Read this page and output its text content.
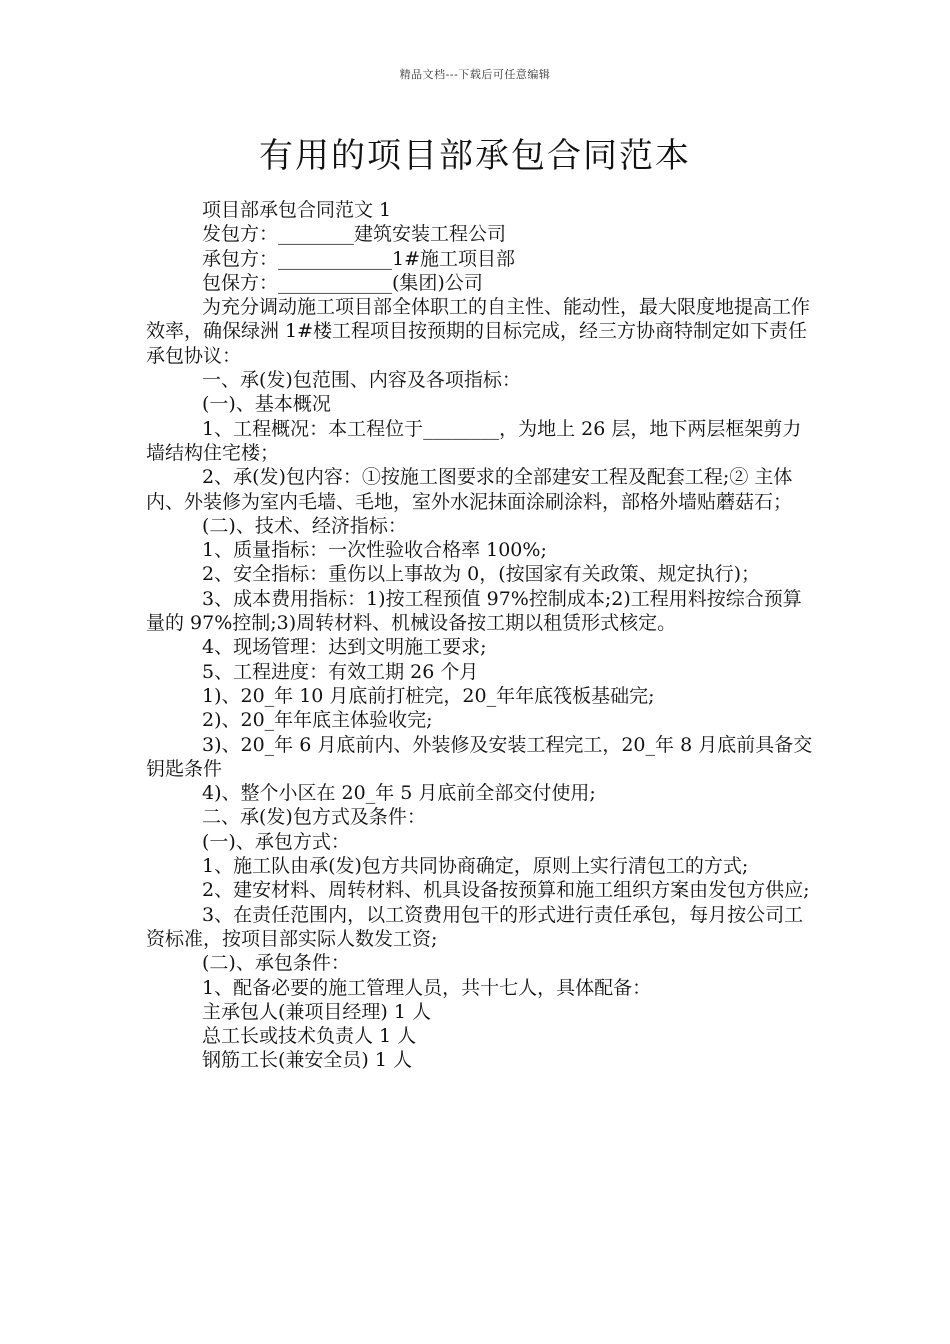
精品文档---下载后可任意编辑
有用的项目部承包合同范本

项目部承包合同范文 1

发包方：________建筑安装工程公司

承包方：____________1#施工项目部

包保方：____________(集团)公司

为充分调动施工项目部全体职工的自主性、能动性，最大限度地提高工作效率，确保绿洲 1#楼工程项目按预期的目标完成，经三方协商特制定如下责任承包协议：

一、承(发)包范围、内容及各项指标：

(一)、基本概况

1、工程概况：本工程位于________，为地上 26 层，地下两层框架剪力墙结构住宅楼；

2、承(发)包内容：①按施工图要求的全部建安工程及配套工程;② 主体内、外装修为室内毛墙、毛地，室外水泥抹面涂刷涂料，部格外墙贴蘑菇石；

(二)、技术、经济指标：

1、质量指标：一次性验收合格率 100%;

2、安全指标：重伤以上事故为 0，(按国家有关政策、规定执行)；

3、成本费用指标：1)按工程预值 97%控制成本;2)工程用料按综合预算量的 97%控制;3)周转材料、机械设备按工期以租赁形式核定。

4、现场管理：达到文明施工要求;

5、工程进度：有效工期 26 个月

1)、20_年 10 月底前打桩完，20_年年底筏板基础完;

2)、20_年年底主体验收完;

3)、20_年 6 月底前内、外装修及安装工程完工，20_年 8 月底前具备交钥匙条件

4)、整个小区在 20_年 5 月底前全部交付使用;

二、承(发)包方式及条件：

(一)、承包方式：

1、施工队由承(发)包方共同协商确定，原则上实行清包工的方式;

2、建安材料、周转材料、机具设备按预算和施工组织方案由发包方供应;

3、在责任范围内，以工资费用包干的形式进行责任承包，每月按公司工资标准，按项目部实际人数发工资;

(二)、承包条件：

1、配备必要的施工管理人员，共十七人，具体配备：

主承包人(兼项目经理) 1 人

总工长或技术负责人 1 人

钢筋工长(兼安全员) 1 人
